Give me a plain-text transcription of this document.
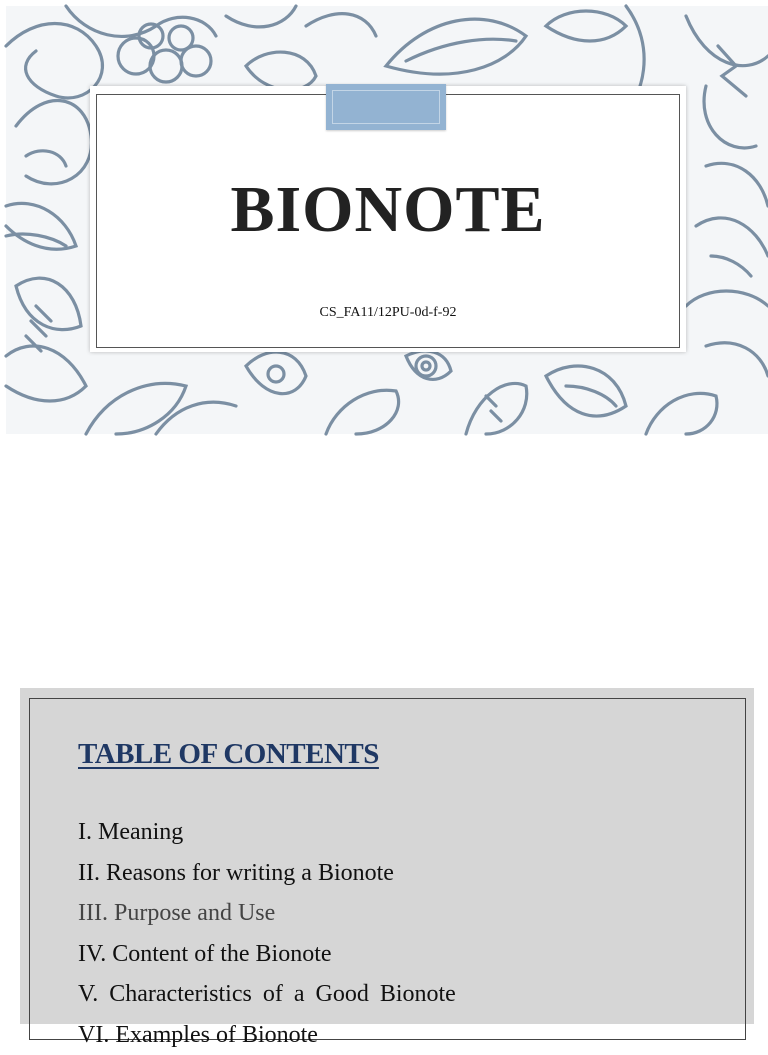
BIONOTE
CS_FA11/12PU-0d-f-92
TABLE OF CONTENTS
I. Meaning
II. Reasons for writing a Bionote
III. Purpose and Use
IV. Content of the Bionote
V. Characteristics of a Good Bionote
VI. Examples of Bionote
